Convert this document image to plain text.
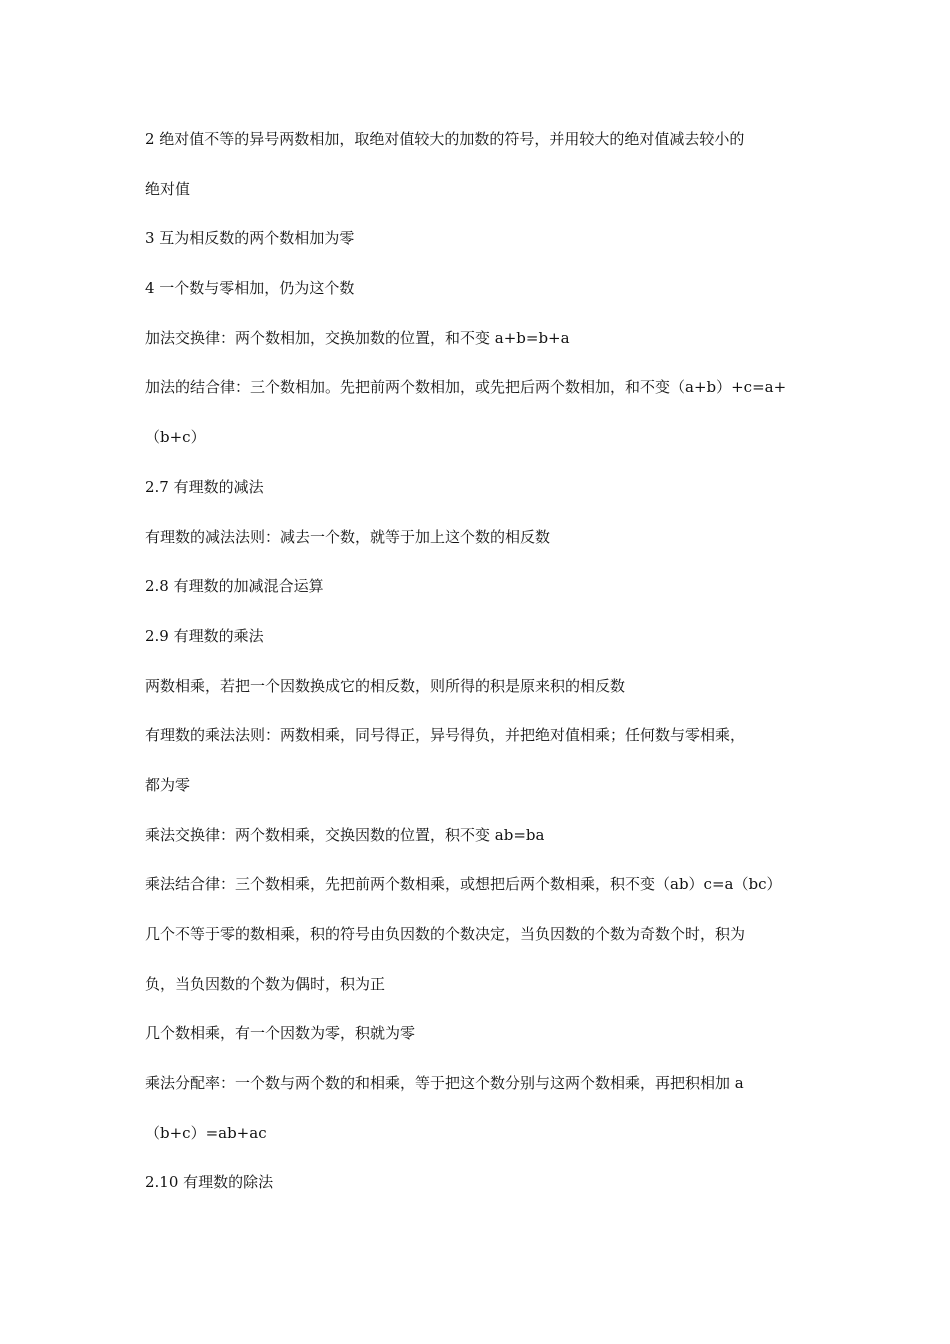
2 绝对值不等的异号两数相加，取绝对值较大的加数的符号，并用较大的绝对值减去较小的
绝对值
3 互为相反数的两个数相加为零
4 一个数与零相加，仍为这个数
加法交换律：两个数相加，交换加数的位置，和不变 a+b=b+a
加法的结合律：三个数相加。先把前两个数相加，或先把后两个数相加，和不变（a+b）+c=a+
（b+c）
2.7 有理数的减法
有理数的减法法则：减去一个数，就等于加上这个数的相反数
2.8 有理数的加减混合运算
2.9 有理数的乘法
两数相乘，若把一个因数换成它的相反数，则所得的积是原来积的相反数
有理数的乘法法则：两数相乘，同号得正，异号得负，并把绝对值相乘；任何数与零相乘，
都为零
乘法交换律：两个数相乘，交换因数的位置，积不变 ab=ba
乘法结合律：三个数相乘，先把前两个数相乘，或想把后两个数相乘，积不变（ab）c=a（bc）
几个不等于零的数相乘，积的符号由负因数的个数决定，当负因数的个数为奇数个时，积为
负，当负因数的个数为偶时，积为正
几个数相乘，有一个因数为零，积就为零
乘法分配率：一个数与两个数的和相乘，等于把这个数分别与这两个数相乘，再把积相加 a
（b+c）=ab+ac
2.10 有理数的除法
